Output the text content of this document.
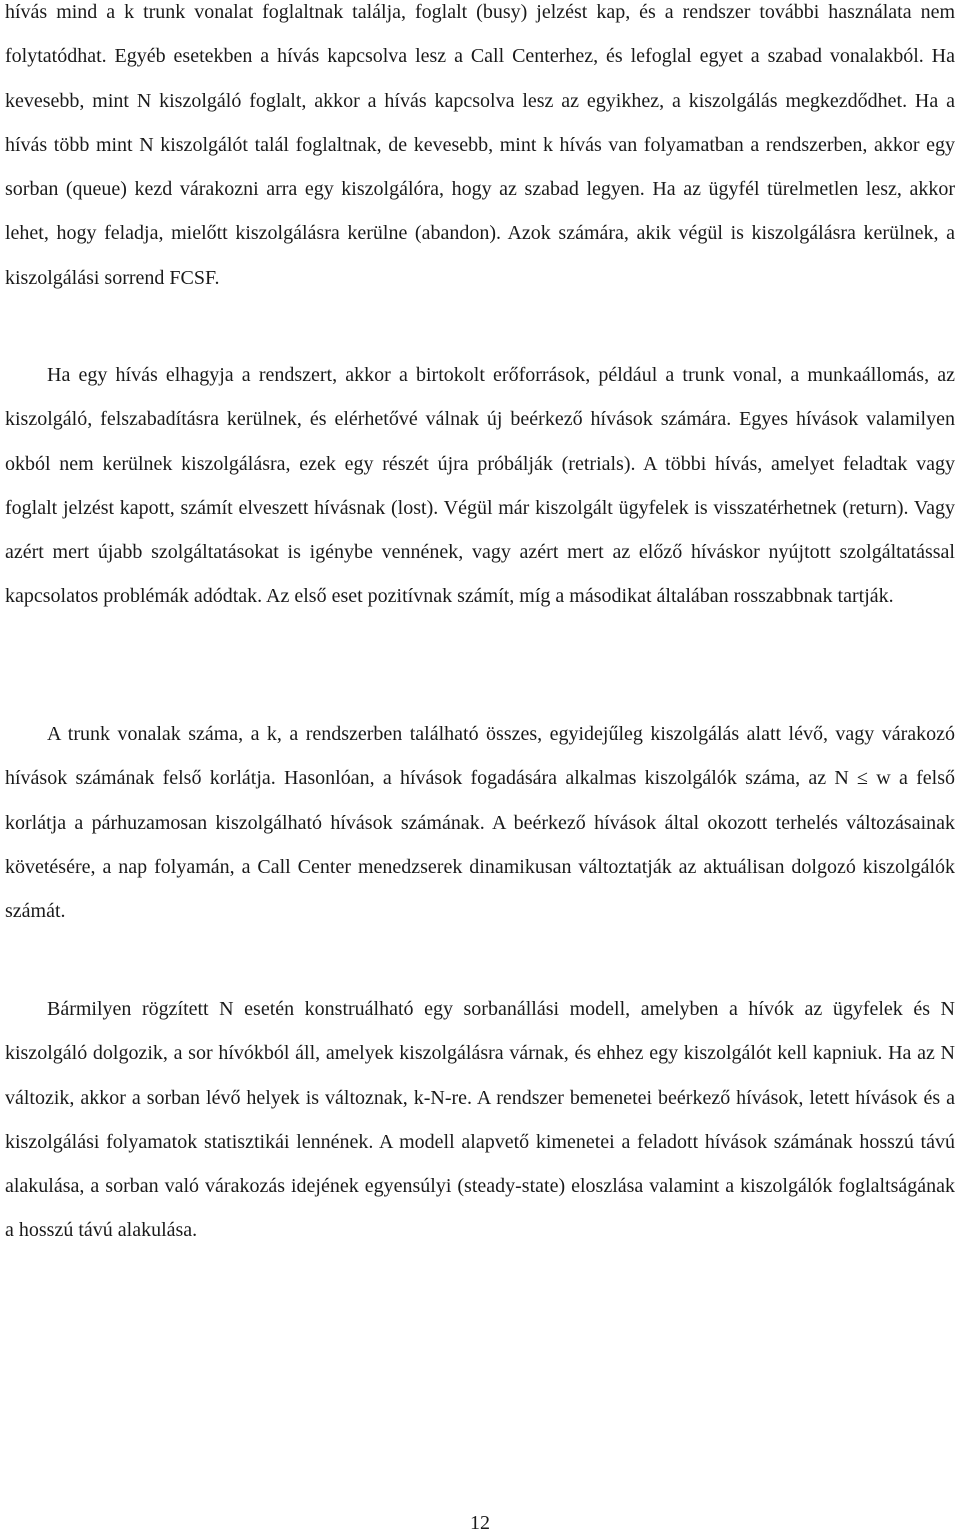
hívás mind a k trunk vonalat foglaltnak találja, foglalt (busy) jelzést kap, és a rendszer további használata nem folytatódhat. Egyéb esetekben a hívás kapcsolva lesz a Call Centerhez, és lefoglal egyet a szabad vonalakból. Ha kevesebb, mint N kiszolgáló foglalt, akkor a hívás kapcsolva lesz az egyikhez, a kiszolgálás megkezdődhet. Ha a hívás több mint N kiszolgálót talál foglaltnak, de kevesebb, mint k hívás van folyamatban a rendszerben, akkor egy sorban (queue) kezd várakozni arra egy kiszolgálóra, hogy az szabad legyen. Ha az ügyfél türelmetlen lesz, akkor lehet, hogy feladja, mielőtt kiszolgálásra kerülne (abandon). Azok számára, akik végül is kiszolgálásra kerülnek, a kiszolgálási sorrend FCSF.

Ha egy hívás elhagyja a rendszert, akkor a birtokolt erőforrások, például a trunk vonal, a munkaállomás, az kiszolgáló, felszabadításra kerülnek, és elérhetővé válnak új beérkező hívások számára. Egyes hívások valamilyen okból nem kerülnek kiszolgálásra, ezek egy részét újra próbálják (retrials). A többi hívás, amelyet feladtak vagy foglalt jelzést kapott, számít elveszett hívásnak (lost). Végül már kiszolgált ügyfelek is visszatérhetnek (return). Vagy azért mert újabb szolgáltatásokat is igénybe vennének, vagy azért mert az előző híváskor nyújtott szolgáltatással kapcsolatos problémák adódtak. Az első eset pozitívnak számít, míg a másodikat általában rosszabbnak tartják.

A trunk vonalak száma, a k, a rendszerben található összes, egyidejűleg kiszolgálás alatt lévő, vagy várakozó hívások számának felső korlátja. Hasonlóan, a hívások fogadására alkalmas kiszolgálók száma, az N ≤ w a felső korlátja a párhuzamosan kiszolgálható hívások számának. A beérkező hívások által okozott terhelés változásainak követésére, a nap folyamán, a Call Center menedzserek dinamikusan változtatják az aktuálisan dolgozó kiszolgálók számát.

Bármilyen rögzített N esetén konstruálható egy sorbanállási modell, amelyben a hívók az ügyfelek és N kiszolgáló dolgozik, a sor hívókból áll, amelyek kiszolgálásra várnak, és ehhez egy kiszolgálót kell kapniuk. Ha az N változik, akkor a sorban lévő helyek is változnak, k-N-re. A rendszer bemenetei beérkező hívások, letett hívások és a kiszolgálási folyamatok statisztikái lennének. A modell alapvető kimenetei a feladott hívások számának hosszú távú alakulása, a sorban való várakozás idejének egyensúlyi (steady-state) eloszlása valamint a kiszolgálók foglaltságának a hosszú távú alakulása.

12
